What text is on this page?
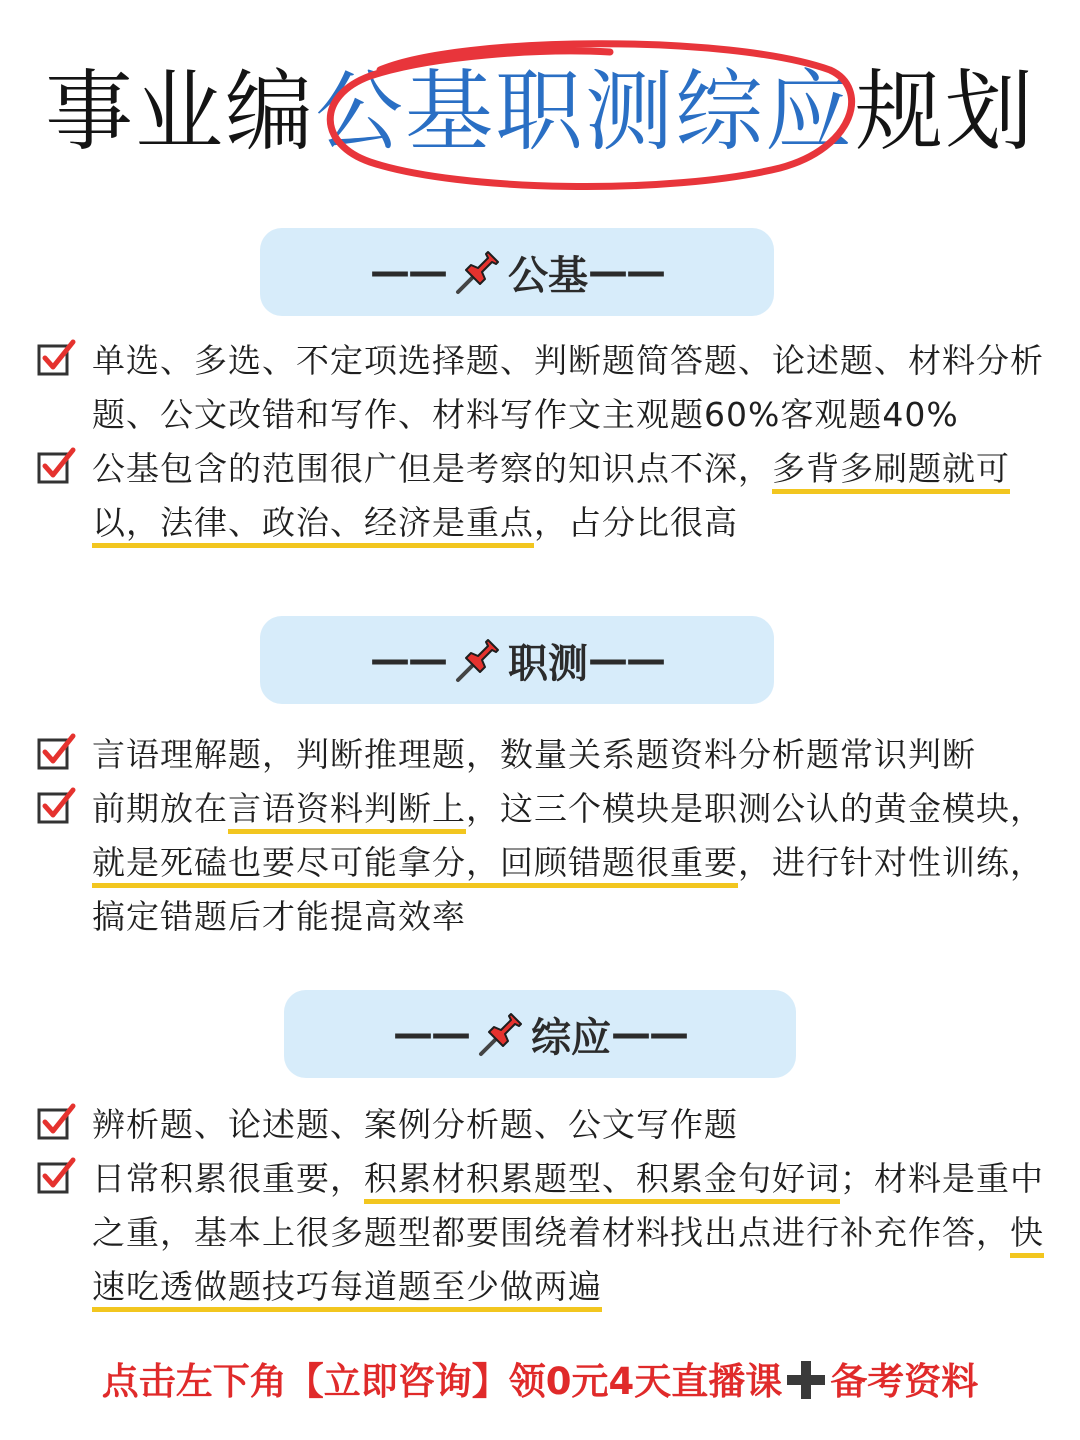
事业编公基职测综应规划
—— 公基 ——
单选、多选、不定项选择题、判断题简答题、论述题、材料分析题、公文改错和写作、材料写作文主观题60%客观题40%
公基包含的范围很广但是考察的知识点不深，多背多刷题就可以，法律、政治、经济是重点，占分比很高
—— 职测 ——
言语理解题，判断推理题，数量关系题资料分析题常识判断
前期放在言语资料判断上，这三个模块是职测公认的黄金模块，就是死磕也要尽可能拿分，回顾错题很重要，进行针对性训练，搞定错题后才能提高效率
—— 综应 ——
辨析题、论述题、案例分析题、公文写作题
日常积累很重要，积累材积累题型、积累金句好词；材料是重中之重，基本上很多题型都要围绕着材料找出点进行补充作答，快速吃透做题技巧每道题至少做两遍
点击左下角【立即咨询】领0元4天直播课 备考资料
